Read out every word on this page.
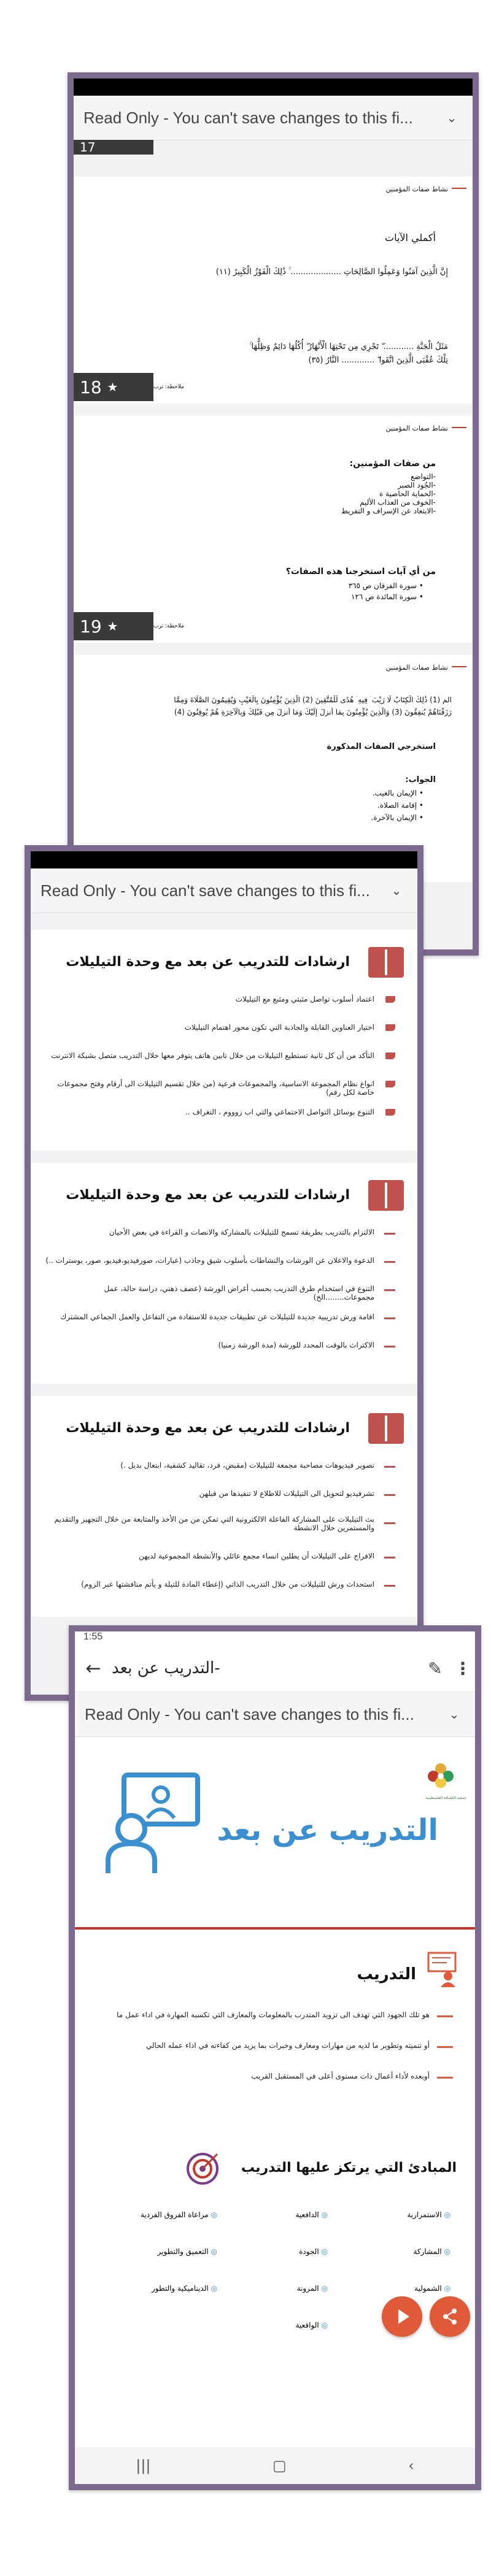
Read Only - You can't save changes to this fi...	⌄
17
نشاط صفات المؤمنين
أكملي الآيات
إِنَّ الَّذِينَ آمَنُوا وَعَمِلُوا الصَّالِحَاتِ .................... ۚ ذَٰلِكَ الْفَوْزُ الْكَبِيرُ (١١)
مَثَلُ الْجَنَّةِ ............ ۖ تَجْرِي مِن تَحْتِهَا الْأَنْهَارُ ۖ أُكُلُهَا دَائِمٌ وَظِلُّهَا ۚ
تِلْكَ عُقْبَى الَّذِينَ اتَّقَوا ۖ ............. النَّارُ (٣٥)
18
★	ملاحظة: ترب
نشاط صفات المؤمنين
من صفات المؤمنين:
-التواضع
-الجُود الصبر
-الحماية الحاصية ة
-الخوف من العذاب الأليم
-الابتعاد عن الإسراف و التفريط
من أي آيات استخرجنا هذه الصفات؟
• سورة الفرقان ص ٣٦٥
• سورة المائدة ص ١٢٦
19
★	ملاحظة: ترب
نشاط صفات المؤمنين
الم (1) ذَٰلِكَ الْكِتَابُ لَا رَيْبَ ۛ فِيهِ ۛ هُدًى لِّلْمُتَّقِينَ (2) الَّذِينَ يُؤْمِنُونَ بِالْغَيْبِ وَيُقِيمُونَ الصَّلَاةَ وَمِمَّا
رَزَقْنَاهُمْ يُنفِقُونَ (3) وَالَّذِينَ يُؤْمِنُونَ بِمَا أُنزِلَ إِلَيْكَ وَمَا أُنزِلَ مِن قَبْلِكَ وَبِالْآخِرَةِ هُمْ يُوقِنُونَ (4)
استخرجي الصفات المذكورة
الجواب:
• الإيمان بالغيب.
• إقامة الصلاة.
• الإيمان بالآخرة.
Read Only - You can't save changes to this fi...	⌄
ارشادات للتدريب عن بعد مع وحدة التيليلات
اعتماد أسلوب تواصل مثبتي ومثبع مع التيليلات
اختيار العناوين القابلة والجاذبة التي تكون محور اهتمام التيليلات
التأكد من أن كل ثانية تستطيع التيليلات من خلال تابين هاتف يتوفر معها خلال التدريب متصل بشبكة الانترنت
انواع نظام المجموعة الاساسية، والمجموعات فرعية (من خلال تقسيم التيليلات الى أرقام وفتح مجموعات خاصة لكل رقم)
التنوع بوسائل التواصل الاجتماعي والتي اب زوووم ، التغراف ..
ارشادات للتدريب عن بعد مع وحدة التيليلات
الالتزام بالتدريب بطريقة تسمح للتيليلات بالمشاركة والانصات و القراءة في بعض الأحيان
الدعوة والاعلان عن الورشات والنشاطات بأسلوب شيق وجاذب (عبارات، صورفيديو،فيديو، صور، بوسترات ..)
التنوع في استخدام طرق التدريب بحسب أغراض الورشة (عصف ذهني، دراسة حالة، عمل مجموعات........الخ)
اقامة ورش تدريبية جديدة للتيليلات عن تطبيقات جديدة للاستفادة من التفاعل والعمل الجماعي المشترك
الاكتراث بالوقت المحدد للورشة (مدة الورشة زمنيا)
ارشادات للتدريب عن بعد مع وحدة التيليلات
تصوير فيديوهات مصاحبة مجمعة للتيليلات (مقبض، فرد، تقاليد كشفية، ابتعال بديل .)
تشرفيديو لتحويل الى التيليلات للاطلاع لا تنفيذها من قبلهن
بث التيليلات على المشاركة الفاعلة الالكترونية التي تمكن من من الأخذ والمتابعة من خلال التجهيز والتقديم والمستمرين خلال الانشطة
الافراج على التيليلات أن يطلين انساء مجمع عائلي والأنشطة المجموعية لديهن
استحداث ورش للتيليلات من خلال التدريب الذاتي (إعطاء المادة للتيلة و يأتم منافشتها عبر الزوم)
1:55
← التدريب عن بعد-	✎ ⋮
Read Only - You can't save changes to this fi...	⌄
جمعية الكشافة الفلسطينية
التدريب عن بعد
التدريب
هو تلك الجهود التي تهدف الى تزويد المتدرب بالمعلومات والمعارف التي تكسبه المهارة في اداء عمل ما
أو تنميته وتطوير ما لديه من مهارات ومعارف وخبرات بما يزيد من كفاءته في اداء عمله الحالي
أوبعده لأداء أعمال ذات مستوى أعلى في المستقبل القريب
المبادئ التي يرتكز عليها التدريب
◎ الاستمرارية
◎ الدافعية
◎ مراعاة الفروق الفردية
◎ المشاركة
◎ الجودة
◎ التعميق والتطوير
◎ الشمولية
◎ المرونة
◎ الديناميكية والتطور
◎ الواقعية
|||	▢	‹
